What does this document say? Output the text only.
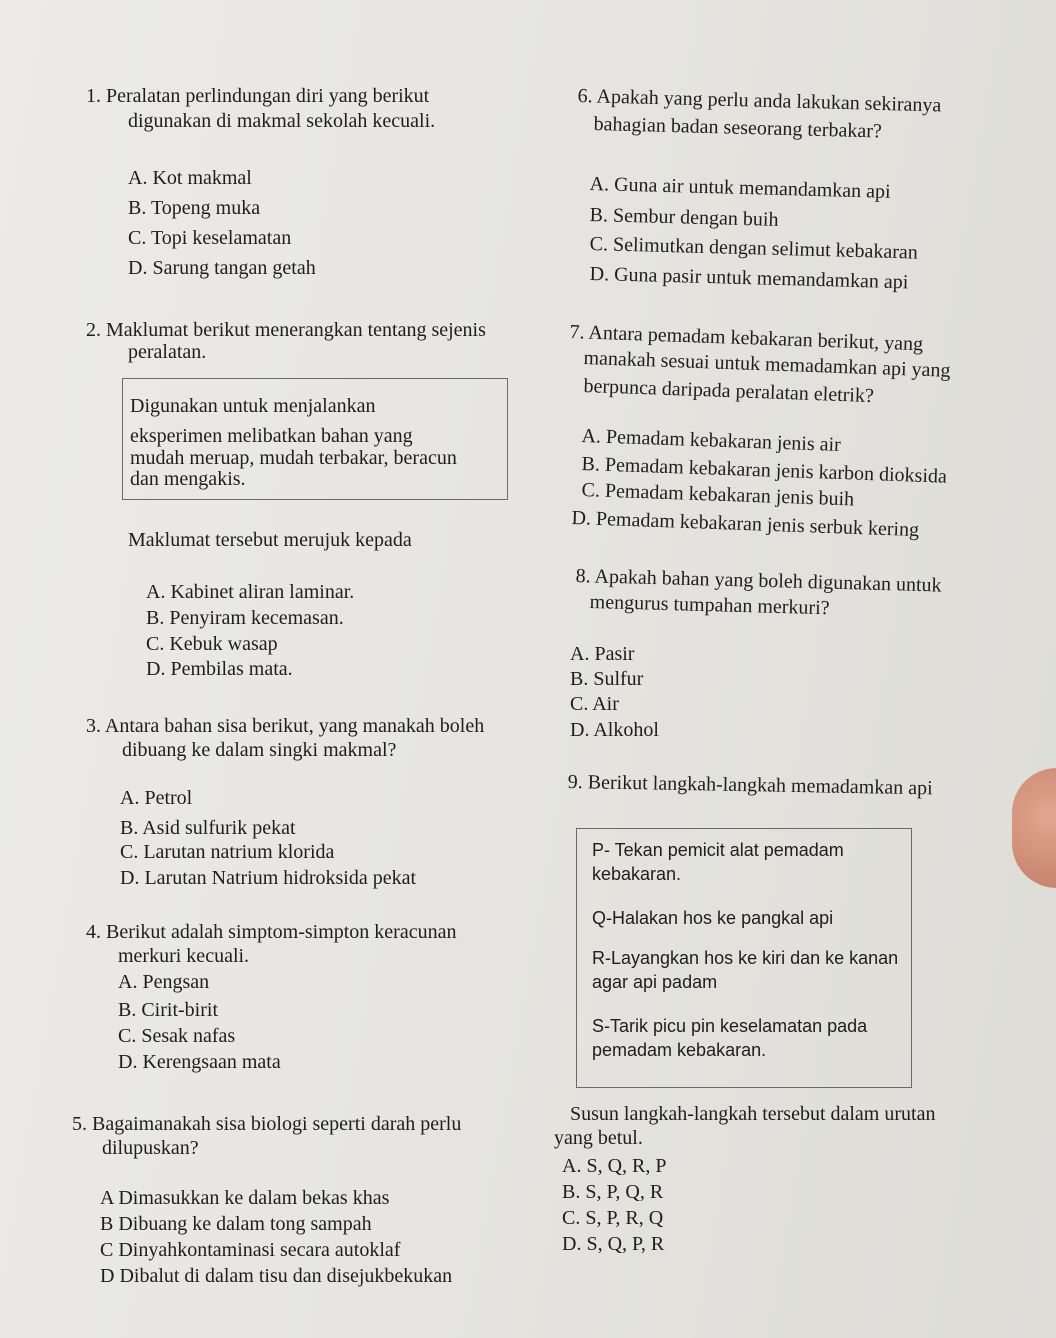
1. Peralatan perlindungan diri yang berikut
digunakan di makmal sekolah kecuali.
A. Kot makmal
B. Topeng muka
C. Topi keselamatan
D. Sarung tangan getah
2. Maklumat berikut menerangkan tentang sejenis
peralatan.
Digunakan untuk menjalankan
eksperimen melibatkan bahan yang
mudah meruap, mudah terbakar, beracun
dan mengakis.
Maklumat tersebut merujuk kepada
A. Kabinet aliran laminar.
B. Penyiram kecemasan.
C. Kebuk wasap
D. Pembilas mata.
3. Antara bahan sisa berikut, yang manakah boleh
dibuang ke dalam singki makmal?
A. Petrol
B. Asid sulfurik pekat
C. Larutan natrium klorida
D. Larutan Natrium hidroksida pekat
4. Berikut adalah simptom-simpton keracunan
merkuri kecuali.
A. Pengsan
B. Cirit-birit
C. Sesak nafas
D. Kerengsaan mata
5. Bagaimanakah sisa biologi seperti darah perlu
dilupuskan?
A Dimasukkan ke dalam bekas khas
B Dibuang ke dalam tong sampah
C Dinyahkontaminasi secara autoklaf
D Dibalut di dalam tisu dan disejukbekukan
6. Apakah yang perlu anda lakukan sekiranya
bahagian badan seseorang terbakar?
A. Guna air untuk memandamkan api
B. Sembur dengan buih
C. Selimutkan dengan selimut kebakaran
D. Guna pasir untuk memandamkan api
7. Antara pemadam kebakaran berikut, yang
manakah sesuai untuk memadamkan api yang
berpunca daripada peralatan eletrik?
A. Pemadam kebakaran jenis air
B. Pemadam kebakaran jenis karbon dioksida
C. Pemadam kebakaran jenis buih
D. Pemadam kebakaran jenis serbuk kering
8. Apakah bahan yang boleh digunakan untuk
mengurus tumpahan merkuri?
A. Pasir
B. Sulfur
C. Air
D. Alkohol
9. Berikut langkah-langkah memadamkan api
P- Tekan pemicit alat pemadam
kebakaran.
Q-Halakan hos ke pangkal api
R-Layangkan hos ke kiri dan ke kanan
agar api padam
S-Tarik picu pin keselamatan pada
pemadam kebakaran.
Susun langkah-langkah tersebut dalam urutan
yang betul.
A. S, Q, R, P
B. S, P, Q, R
C. S, P, R, Q
D. S, Q, P, R
